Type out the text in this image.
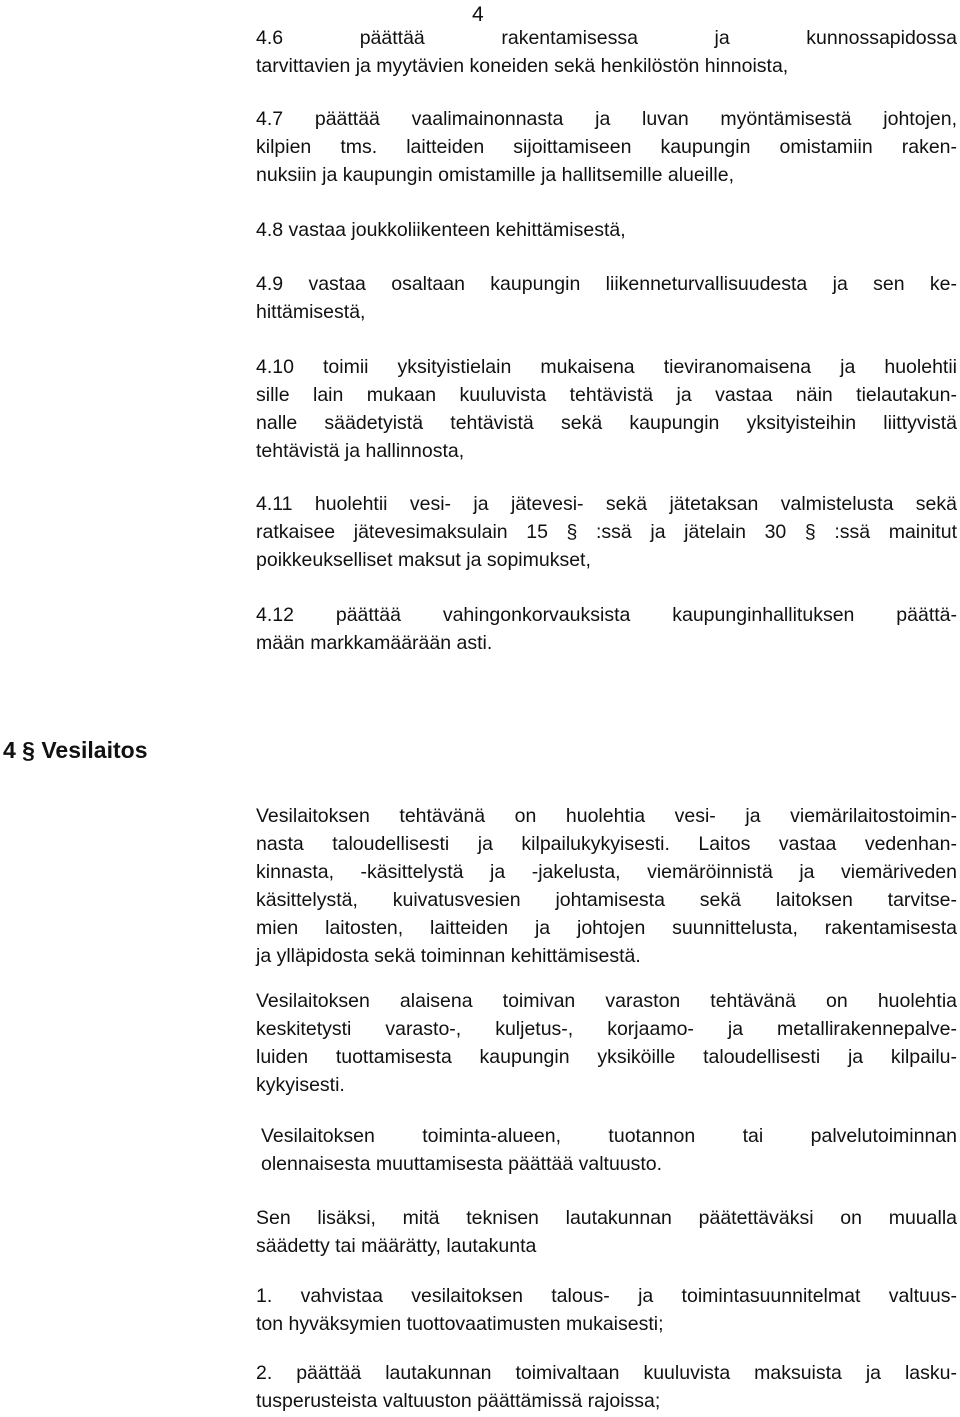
4

4.6 päättää rakentamisessa ja kunnossapidossa
tarvittavien ja myytävien koneiden sekä henkilöstön hinnoista,

4.7 päättää vaalimainonnasta ja luvan myöntämisestä johtojen,
kilpien tms. laitteiden sijoittamiseen kaupungin omistamiin raken-
nuksiin ja kaupungin omistamille ja hallitsemille alueille,

4.8 vastaa joukkoliikenteen kehittämisestä,

4.9 vastaa osaltaan kaupungin liikenneturvallisuudesta ja sen ke-
hittämisestä,

4.10 toimii yksityistielain mukaisena tieviranomaisena ja huolehtii
sille lain mukaan kuuluvista tehtävistä ja vastaa näin tielautakun-
nalle säädetyistä tehtävistä sekä kaupungin yksityisteihin liittyvistä
tehtävistä ja hallinnosta,

4.11 huolehtii vesi- ja jätevesi- sekä jätetaksan valmistelusta sekä
ratkaisee jätevesimaksulain 15 § :ssä ja jätelain 30 § :ssä mainitut
poikkeukselliset maksut ja sopimukset,

4.12 päättää vahingonkorvauksista kaupunginhallituksen päättä-
mään markkamäärään asti.

4 § Vesilaitos

Vesilaitoksen tehtävänä on huolehtia vesi- ja viemärilaitostoimin-
nasta taloudellisesti ja kilpailukykyisesti. Laitos vastaa vedenhan-
kinnasta, -käsittelystä ja -jakelusta, viemäröinnistä ja viemäriveden
käsittelystä, kuivatusvesien johtamisesta sekä laitoksen tarvitse-
mien laitosten, laitteiden ja johtojen suunnittelusta, rakentamisesta
ja ylläpidosta sekä toiminnan kehittämisestä.

Vesilaitoksen alaisena toimivan varaston tehtävänä on huolehtia
keskitetysti varasto-, kuljetus-, korjaamo- ja metallirakennepalve-
luiden tuottamisesta kaupungin yksiköille taloudellisesti ja kilpailu-
kykyisesti.

Vesilaitoksen toiminta-alueen, tuotannon tai palvelutoiminnan
olennaisesta muuttamisesta päättää valtuusto.

Sen lisäksi, mitä teknisen lautakunnan päätettäväksi on muualla
säädetty tai määrätty, lautakunta

1. vahvistaa vesilaitoksen talous- ja toimintasuunnitelmat valtuus-
ton hyväksymien tuottovaatimusten mukaisesti;

2. päättää lautakunnan toimivaltaan kuuluvista maksuista ja lasku-
tusperusteista valtuuston päättämissä rajoissa;
